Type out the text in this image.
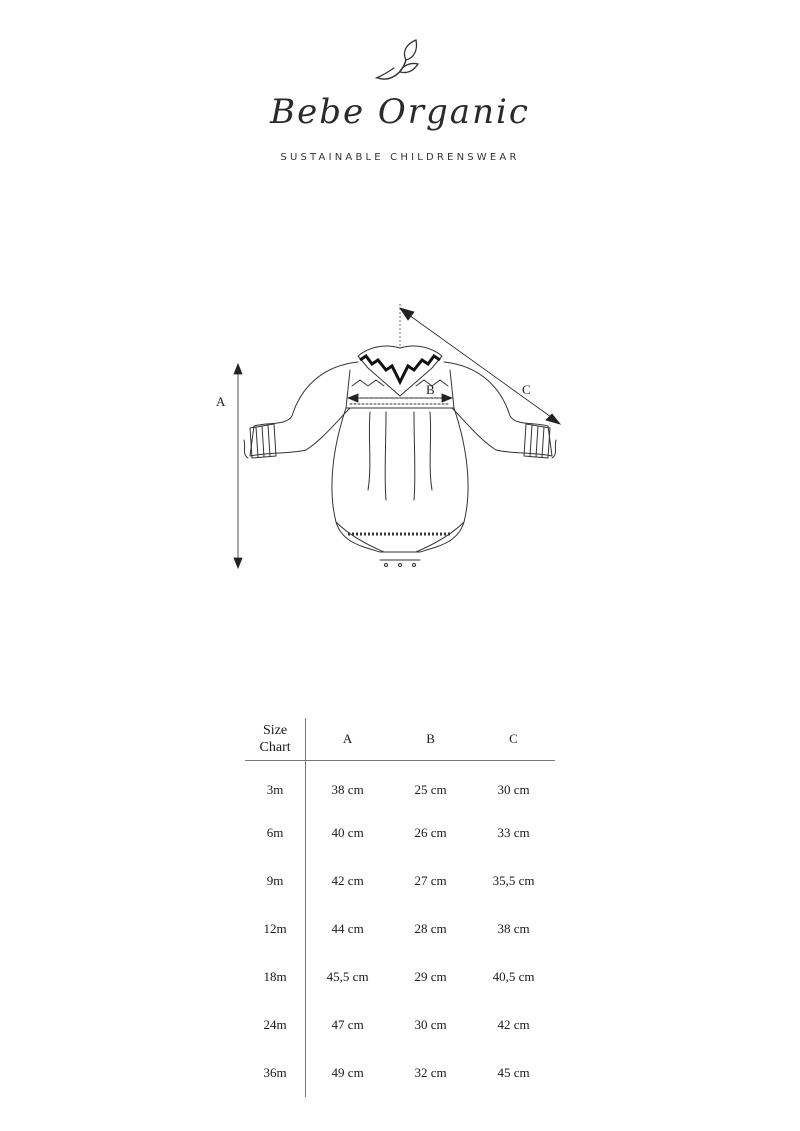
Bebe Organic
SUSTAINABLE CHILDRENSWEAR
A
B	C
Size
Chart	A	B	C
3m	38 cm	25 cm	30 cm
6m	40 cm	26 cm	33 cm
9m	42 cm	27 cm	35,5 cm
12m	44 cm	28 cm	38 cm
18m	45,5 cm	29 cm	40,5 cm
24m	47 cm	30 cm	42 cm
36m	49 cm	32 cm	45 cm
